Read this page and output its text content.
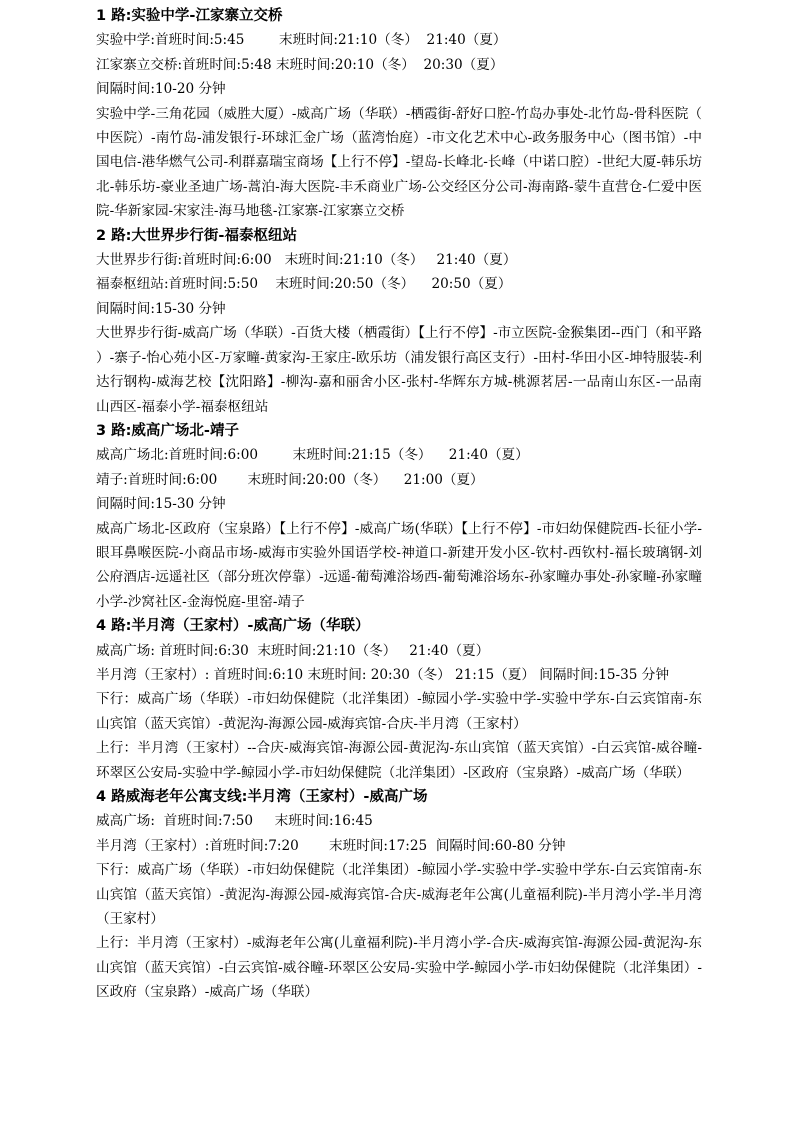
1 路:实验中学-江家寨立交桥
实验中学:首班时间:5:45        末班时间:21:10（冬）  21:40（夏）
江家寨立交桥:首班时间:5:48 末班时间:20:10（冬）  20:30（夏）
间隔时间:10-20 分钟
实验中学-三角花园（威胜大厦）-威高广场（华联）-栖霞街-舒好口腔-竹岛办事处-北竹岛-骨科医院（中医院）-南竹岛-浦发银行-环球汇金广场（蓝湾怡庭）-市文化艺术中心-政务服务中心（图书馆）-中国电信-港华燃气公司-利群嘉瑞宝商场【上行不停】-望岛-长峰北-长峰（中诺口腔）-世纪大厦-韩乐坊北-韩乐坊-豪业圣迪广场-蒿泊-海大医院-丰禾商业广场-公交经区分公司-海南路-蒙牛直营仓-仁爱中医院-华新家园-宋家洼-海马地毯-江家寨-江家寨立交桥
2 路:大世界步行街-福泰枢纽站
大世界步行街:首班时间:6:00   末班时间:21:10（冬）   21:40（夏）
福泰枢纽站:首班时间:5:50    末班时间:20:50（冬）    20:50（夏）
间隔时间:15-30 分钟
大世界步行街-威高广场（华联）-百货大楼（栖霞街）【上行不停】-市立医院-金猴集团--西门（和平路）-寨子-怡心苑小区-万家疃-黄家沟-王家庄-欧乐坊（浦发银行高区支行）-田村-华田小区-坤特服装-利达行钢构-威海艺校【沈阳路】-柳沟-嘉和丽舍小区-张村-华辉东方城-桃源茗居-一品南山东区-一品南山西区-福泰小学-福泰枢纽站
3 路:威高广场北-靖子
威高广场北:首班时间:6:00        末班时间:21:15（冬）    21:40（夏）
靖子:首班时间:6:00       末班时间:20:00（冬）    21:00（夏）
间隔时间:15-30 分钟
威高广场北-区政府（宝泉路）【上行不停】-威高广场(华联）【上行不停】-市妇幼保健院西-长征小学-眼耳鼻喉医院-小商品市场-威海市实验外国语学校-神道口-新建开发小区-钦村-西钦村-福长玻璃钢-刘公府酒店-远遥社区（部分班次停靠）-远遥-葡萄滩浴场西-葡萄滩浴场东-孙家疃办事处-孙家疃-孙家疃小学-沙窝社区-金海悦庭-里窑-靖子
4 路:半月湾（王家村）-威高广场（华联）
威高广场: 首班时间:6:30  末班时间:21:10（冬）   21:40（夏）
半月湾（王家村）: 首班时间:6:10 末班时间: 20:30（冬） 21:15（夏） 间隔时间:15-35 分钟
下行：威高广场（华联）-市妇幼保健院（北洋集团）-鲸园小学-实验中学-实验中学东-白云宾馆南-东山宾馆（蓝天宾馆）-黄泥沟-海源公园-威海宾馆-合庆-半月湾（王家村）
上行：半月湾（王家村）--合庆-威海宾馆-海源公园-黄泥沟-东山宾馆（蓝天宾馆）-白云宾馆-威谷疃-环翠区公安局-实验中学-鲸园小学-市妇幼保健院（北洋集团）-区政府（宝泉路）-威高广场（华联）
4 路威海老年公寓支线:半月湾（王家村）-威高广场
威高广场:  首班时间:7:50     末班时间:16:45
半月湾（王家村）:首班时间:7:20       末班时间:17:25  间隔时间:60-80 分钟
下行：威高广场（华联）-市妇幼保健院（北洋集团）-鲸园小学-实验中学-实验中学东-白云宾馆南-东山宾馆（蓝天宾馆）-黄泥沟-海源公园-威海宾馆-合庆-威海老年公寓(儿童福利院)-半月湾小学-半月湾（王家村）
上行：半月湾（王家村）-威海老年公寓(儿童福利院)-半月湾小学-合庆-威海宾馆-海源公园-黄泥沟-东山宾馆（蓝天宾馆）-白云宾馆-威谷疃-环翠区公安局-实验中学-鲸园小学-市妇幼保健院（北洋集团）-区政府（宝泉路）-威高广场（华联）
